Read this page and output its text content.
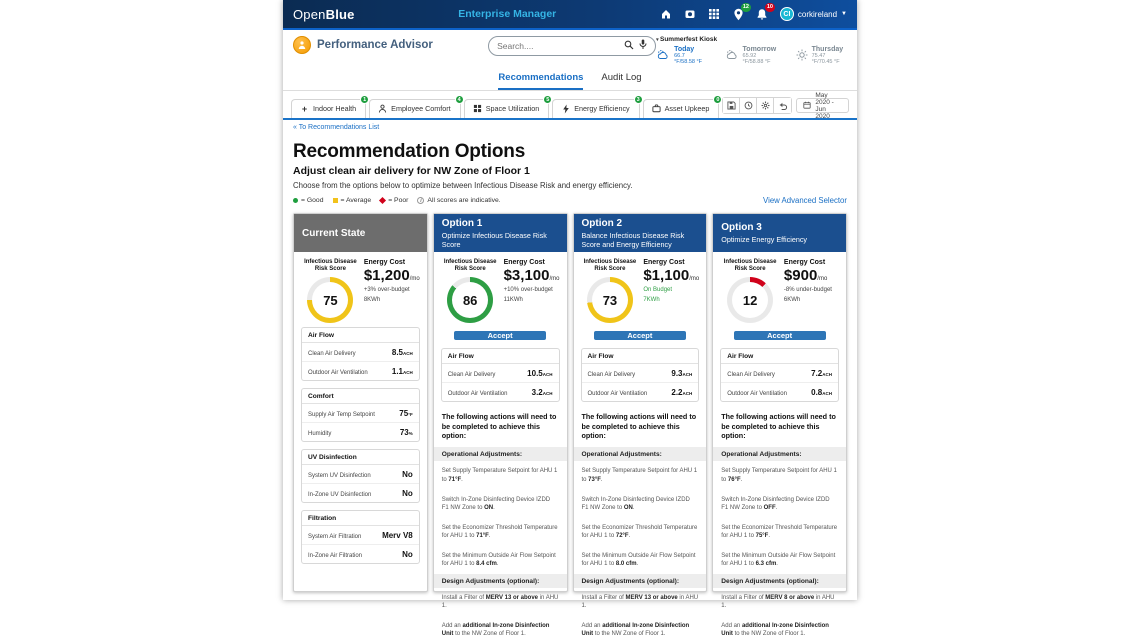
OpenBlue	Enterprise Manager
12	10
CI corkireland ▼
Performance Advisor
Search....	▾ Summerfest Kiosk
Today
66.7 °F/58.58 °F
Tomorrow
65.92 °F/58.88 °F
Thursday
75.47 °F/70.45 °F
Recommendations Audit Log
+ Indoor Health
1
Employee Comfort
4
Space Utilization
5
Energy Efficiency
3
Asset Upkeep
0
May 2020 - Jun 2020
« To Recommendations List
Recommendation Options
Adjust clean air delivery for NW Zone of Floor 1
Choose from the options below to optimize between Infectious Disease Risk and energy efficiency.
= Good	= Average	= Poor	i All scores are indicative.	View Advanced Selector
Current State
Infectious Disease Risk Score
75
Energy Cost
$1,200/mo
+3% over-budget
8KWh
Air Flow
Clean Air Delivery	8.5ACH
Outdoor Air Ventilation	1.1ACH
Comfort
Supply Air Temp Setpoint	75°F
Humidity	73%
UV Disinfection
System UV Disinfection	No
In-Zone UV Disinfection	No
Filtration
System Air Filtration	Merv V8
In-Zone Air Filtration	No
Option 1
Optimize Infectious Disease Risk Score
Infectious Disease Risk Score
86
Energy Cost
$3,100/mo
+10% over-budget
11KWh
Accept
Air Flow
Clean Air Delivery	10.5ACH
Outdoor Air Ventilation	3.2ACH
The following actions will need to be completed to achieve this option:
Operational Adjustments:
Set Supply Temperature Setpoint for AHU 1 to 71°F.
Switch In-Zone Disinfecting Device IZDD F1 NW Zone to ON.
Set the Economizer Threshold Temperature for AHU 1 to 71°F.
Set the Minimum Outside Air Flow Setpoint for AHU 1 to 8.4 cfm.
Design Adjustments (optional):
Install a Filter of MERV 13 or above in AHU 1.
Add an additional In-zone Disinfection Unit to the NW Zone of Floor 1.
Option 2
Balance Infectious Disease Risk Score and Energy Efficiency
Infectious Disease Risk Score
73
Energy Cost
$1,100/mo
On Budget
7KWh
Accept
Air Flow
Clean Air Delivery	9.3ACH
Outdoor Air Ventilation	2.2ACH
The following actions will need to be completed to achieve this option:
Operational Adjustments:
Set Supply Temperature Setpoint for AHU 1 to 73°F.
Switch In-Zone Disinfecting Device IZDD F1 NW Zone to ON.
Set the Economizer Threshold Temperature for AHU 1 to 72°F.
Set the Minimum Outside Air Flow Setpoint for AHU 1 to 8.0 cfm.
Design Adjustments (optional):
Install a Filter of MERV 13 or above in AHU 1.
Add an additional In-zone Disinfection Unit to the NW Zone of Floor 1.
Option 3
Optimize Energy Efficiency
Infectious Disease Risk Score
12
Energy Cost
$900/mo
-8% under-budget
6KWh
Accept
Air Flow
Clean Air Delivery	7.2ACH
Outdoor Air Ventilation	0.8ACH
The following actions will need to be completed to achieve this option:
Operational Adjustments:
Set Supply Temperature Setpoint for AHU 1 to 76°F.
Switch In-Zone Disinfecting Device IZDD F1 NW Zone to OFF.
Set the Economizer Threshold Temperature for AHU 1 to 75°F.
Set the Minimum Outside Air Flow Setpoint for AHU 1 to 6.3 cfm.
Design Adjustments (optional):
Install a Filter of MERV 8 or above in AHU 1.
Add an additional In-zone Disinfection Unit to the NW Zone of Floor 1.
